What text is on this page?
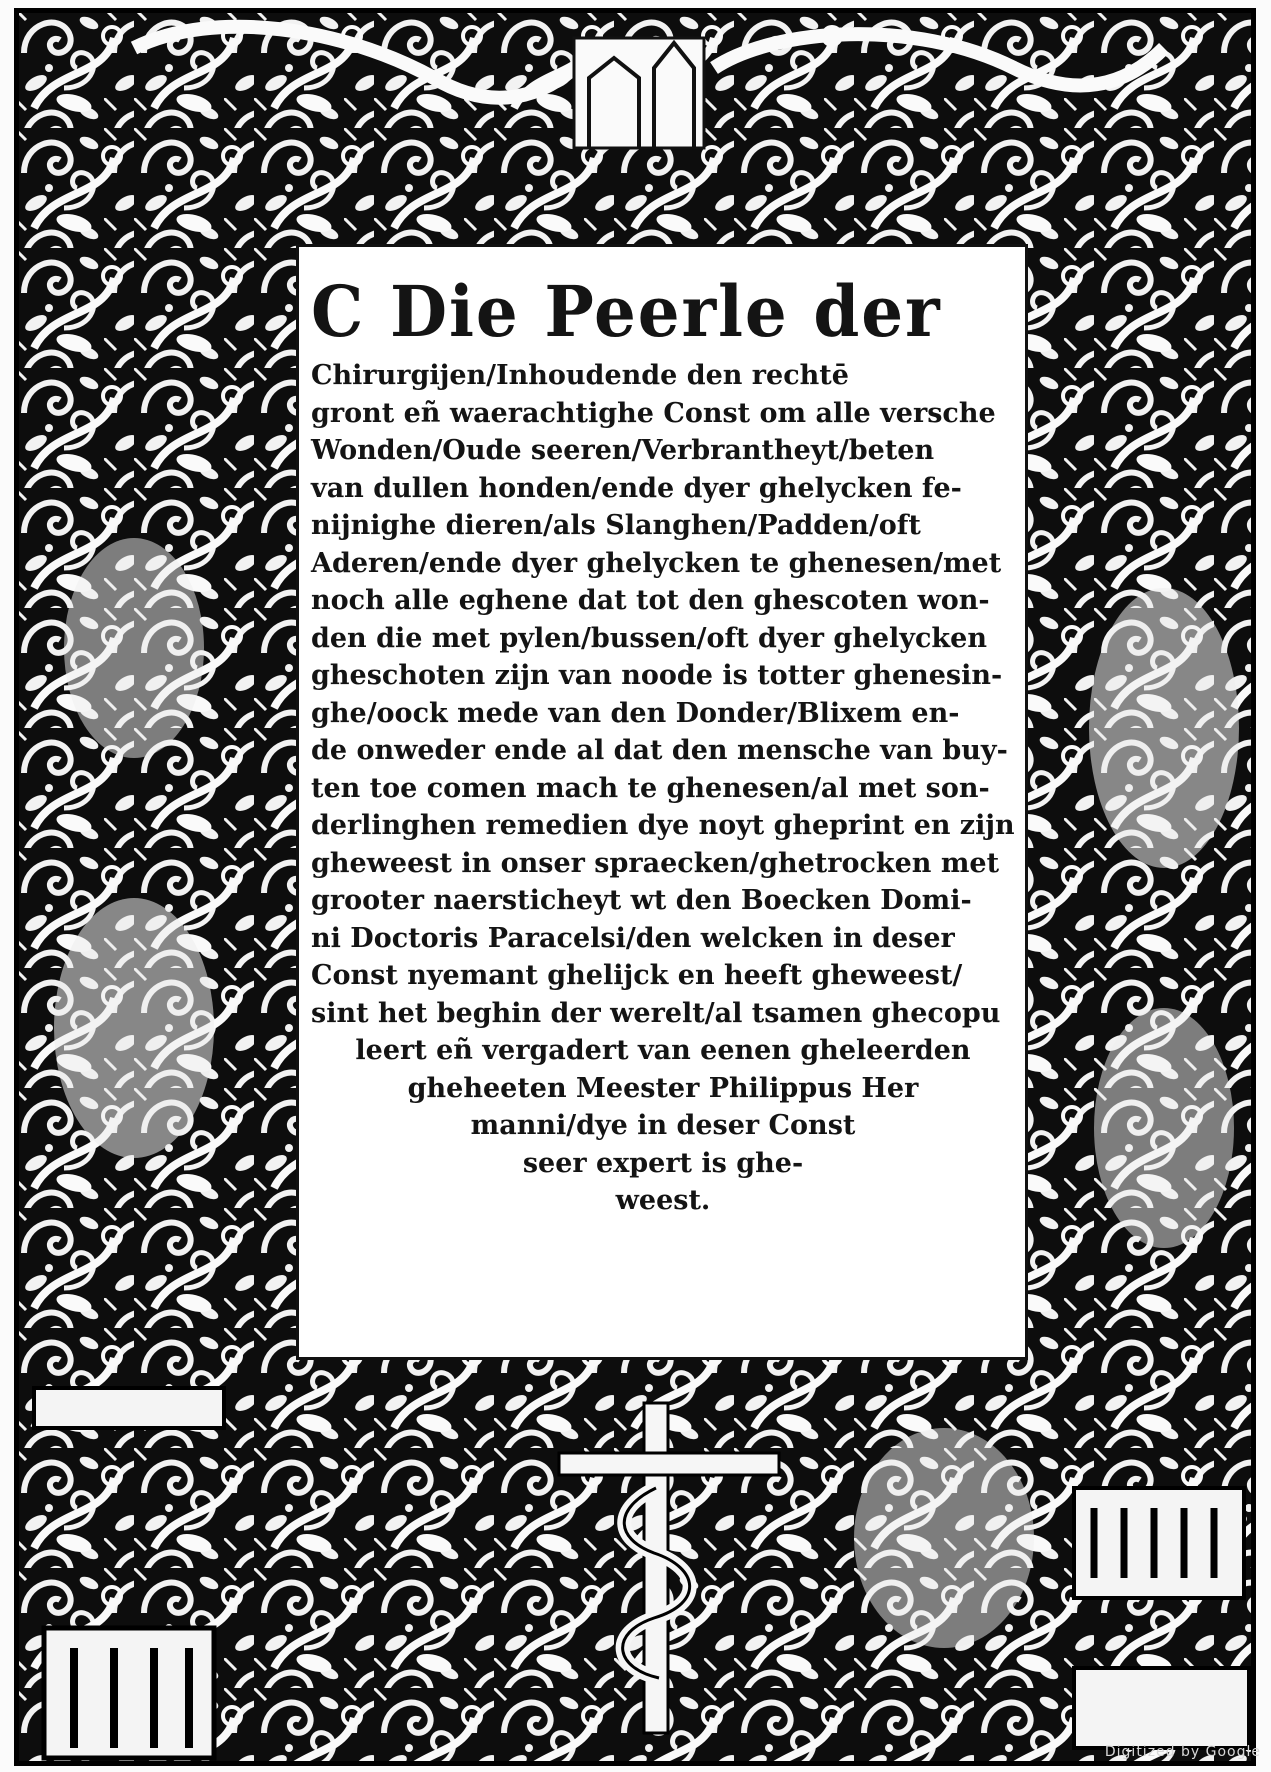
C Die Peerle der
Chirurgijen/Inhoudende den rechtē
gront eñ waerachtighe Const om alle versche
Wonden/Oude seeren/Verbrantheyt/beten
van dullen honden/ende dyer ghelycken fe-
nijnighe dieren/als Slanghen/Padden/oft
Aderen/ende dyer ghelycken te ghenesen/met
noch alle eghene dat tot den ghescoten won-
den die met pylen/bussen/oft dyer ghelycken
gheschoten zijn van noode is totter ghenesin-
ghe/oock mede van den Donder/Blixem en-
de onweder ende al dat den mensche van buy-
ten toe comen mach te ghenesen/al met son-
derlinghen remedien dye noyt gheprint en zijn
gheweest in onser spraecken/ghetrocken met
grooter naersticheyt wt den Boecken Domi-
ni Doctoris Paracelsi/den welcken in deser
Const nyemant ghelijck en heeft gheweest/
sint het beghin der werelt/al tsamen ghecopu
leert eñ vergadert van eenen gheleerden
gheheeten Meester Philippus Her
manni/dye in deser Const
seer expert is ghe-
weest.
Digitized by Google
